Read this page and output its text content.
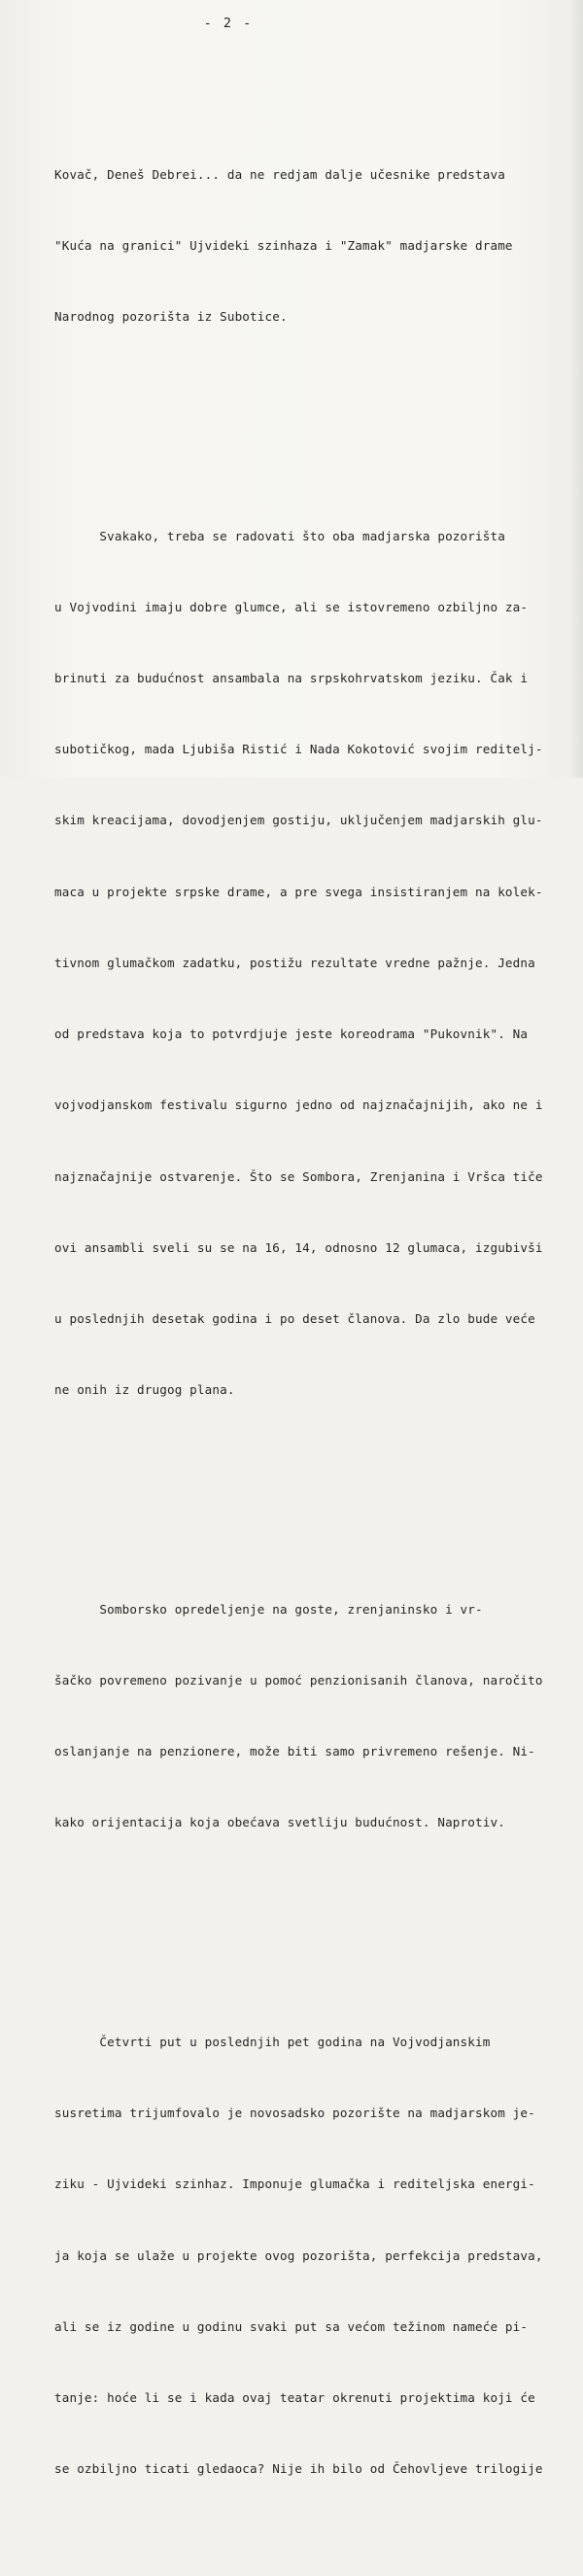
- 2 -

Kovač, Deneš Debrei... da ne redjam dalje učesnike predstava

"Kuća na granici" Ujvideki szinhaza i "Zamak" madjarske drame

Narodnog pozorišta iz Subotice.

Svakako, treba se radovati što oba madjarska pozorišta

u Vojvodini imaju dobre glumce, ali se istovremeno ozbiljno za-

brinuti za budućnost ansambala na srpskohrvatskom jeziku. Čak i

subotičkog, mada Ljubiša Ristić i Nada Kokotović svojim reditelj-

skim kreacijama, dovodjenjem gostiju, uključenjem madjarskih glu-

maca u projekte srpske drame, a pre svega insistiranjem na kolek-

tivnom glumačkom zadatku, postižu rezultate vredne pažnje. Jedna

od predstava koja to potvrdjuje jeste koreodrama "Pukovnik". Na

vojvodjanskom festivalu sigurno jedno od najznačajnijih, ako ne i

najznačajnije ostvarenje. Što se Sombora, Zrenjanina i Vršca tiče

ovi ansambli sveli su se na 16, 14, odnosno 12 glumaca, izgubivši

u poslednjih desetak godina i po deset članova. Da zlo bude veće

ne onih iz drugog plana.

Somborsko opredeljenje na goste, zrenjaninsko i vr-

šačko povremeno pozivanje u pomoć penzionisanih članova, naročito

oslanjanje na penzionere, može biti samo privremeno rešenje. Ni-

kako orijentacija koja obećava svetliju budućnost. Naprotiv.

Četvrti put u poslednjih pet godina na Vojvodjanskim

susretima trijumfovalo je novosadsko pozorište na madjarskom je-

ziku - Ujvideki szinhaz. Imponuje glumačka i rediteljska energi-

ja koja se ulaže u projekte ovog pozorišta, perfekcija predstava,

ali se iz godine u godinu svaki put sa većom težinom nameće pi-

tanje: hoće li se i kada ovaj teatar okrenuti projektima koji će

se ozbiljno ticati gledaoca? Nije ih bilo od Čehovljeve trilogije
